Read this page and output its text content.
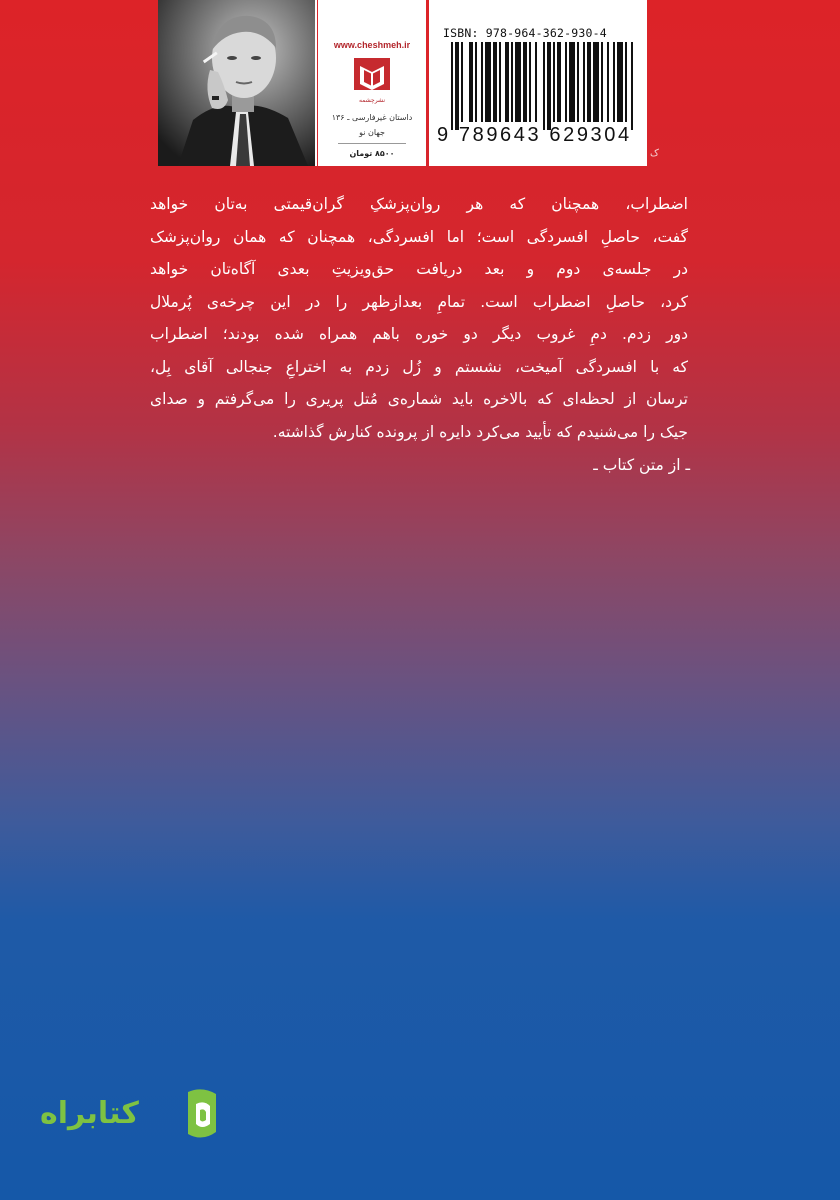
www.cheshmeh.ir
نشرچشمه
داستان غیرفارسی ـ ۱۳۶
جهان نو
۸۵۰۰ تومان
ISBN: 978-964-362-930-4
9 789643 629304
ک
اضطراب، همچنان که هر روان‌پزشکِ گران‌قیمتی به‌تان خواهد
گفت، حاصلِ افسردگی است؛ اما افسردگی، همچنان که همان روان‌پزشک
در جلسه‌ی دوم و بعد دریافت حق‌ویزیتِ بعدی آگاه‌تان خواهد
کرد، حاصلِ اضطراب است. تمامِ بعدازظهر را در این چرخه‌ی پُرملال
دور زدم. دمِ غروب دیگر دو خوره باهم همراه شده بودند؛ اضطراب
که با افسردگی آمیخت، نشستم و زُل زدم به اختراعِ جنجالی آقای بِل،
ترسان از لحظه‌ای که بالاخره باید شماره‌ی مُتل پریری را می‌گرفتم و صدای
جیک را می‌شنیدم که تأیید می‌کرد دایره از پرونده کنارش گذاشته.
ـ از متن کتاب ـ
کتابراه
